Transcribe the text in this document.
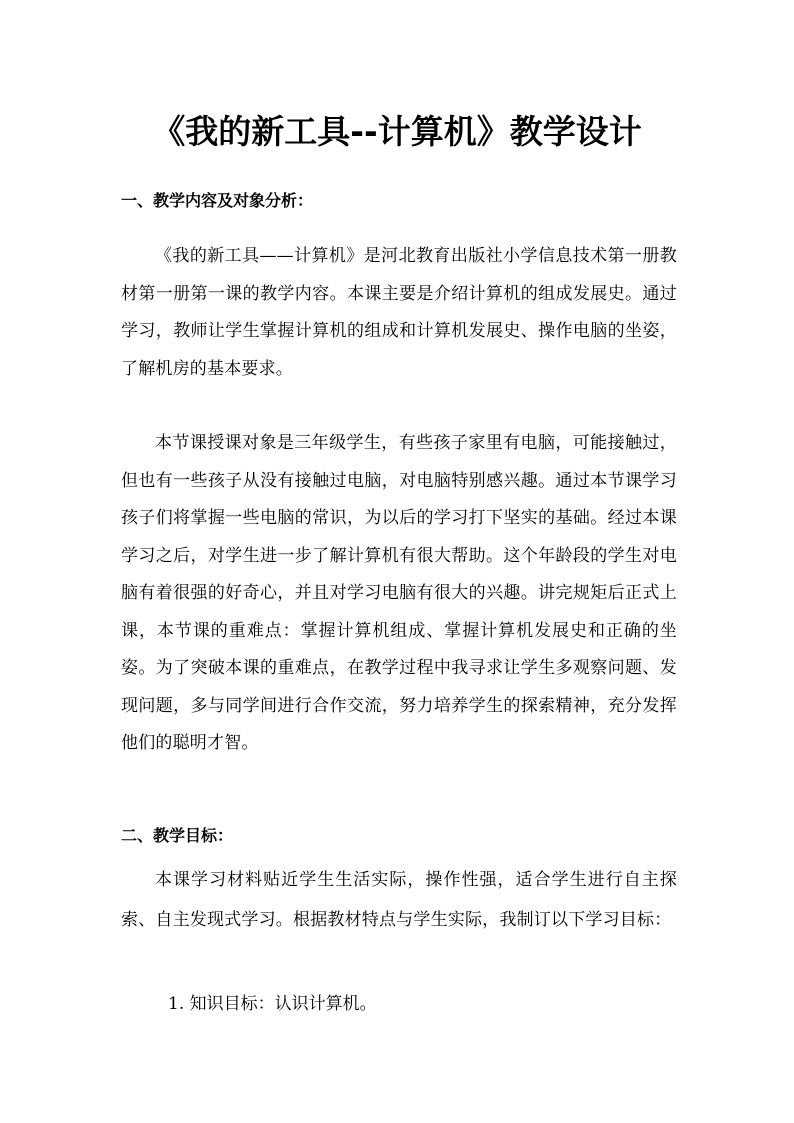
《我的新工具--计算机》教学设计
一、教学内容及对象分析：

《我的新工具——计算机》是河北教育出版社小学信息技术第一册教材第一册第一课的教学内容。本课主要是介绍计算机的组成发展史。通过学习，教师让学生掌握计算机的组成和计算机发展史、操作电脑的坐姿，了解机房的基本要求。

本节课授课对象是三年级学生，有些孩子家里有电脑，可能接触过，但也有一些孩子从没有接触过电脑，对电脑特别感兴趣。通过本节课学习孩子们将掌握一些电脑的常识，为以后的学习打下坚实的基础。经过本课学习之后，对学生进一步了解计算机有很大帮助。这个年龄段的学生对电脑有着很强的好奇心，并且对学习电脑有很大的兴趣。讲完规矩后正式上课，本节课的重难点：掌握计算机组成、掌握计算机发展史和正确的坐姿。为了突破本课的重难点，在教学过程中我寻求让学生多观察问题、发现问题，多与同学间进行合作交流，努力培养学生的探索精神，充分发挥他们的聪明才智。

二、教学目标：

本课学习材料贴近学生生活实际，操作性强，适合学生进行自主探索、自主发现式学习。根据教材特点与学生实际，我制订以下学习目标：

1. 知识目标：认识计算机。
